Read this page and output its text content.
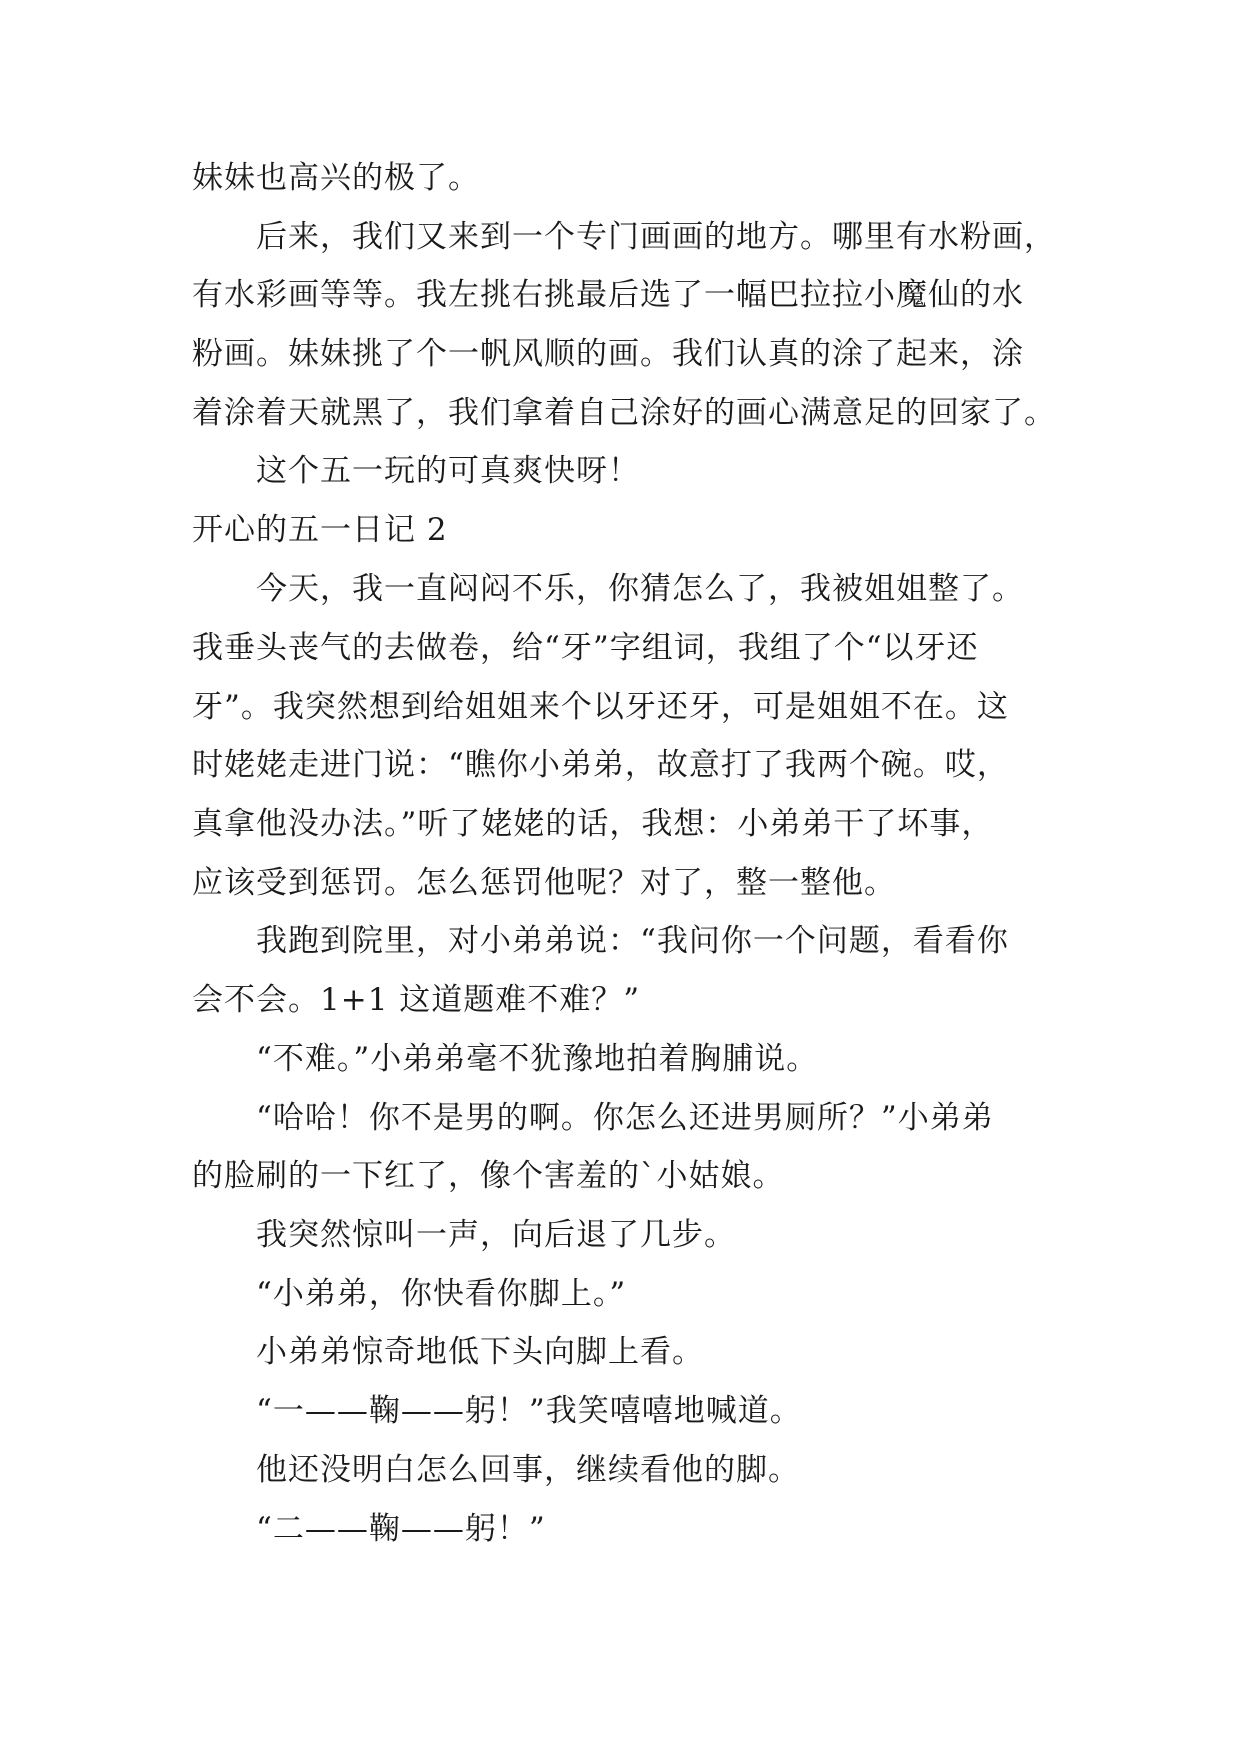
妹妹也高兴的极了。
后来，我们又来到一个专门画画的地方。哪里有水粉画，
有水彩画等等。我左挑右挑最后选了一幅巴拉拉小魔仙的水
粉画。妹妹挑了个一帆风顺的画。我们认真的涂了起来，涂
着涂着天就黑了，我们拿着自己涂好的画心满意足的回家了。
这个五一玩的可真爽快呀！
开心的五一日记 2
今天，我一直闷闷不乐，你猜怎么了，我被姐姐整了。
我垂头丧气的去做卷，给“牙”字组词，我组了个“以牙还
牙”。我突然想到给姐姐来个以牙还牙，可是姐姐不在。这
时姥姥走进门说：“瞧你小弟弟，故意打了我两个碗。哎，
真拿他没办法。”听了姥姥的话，我想：小弟弟干了坏事，
应该受到惩罚。怎么惩罚他呢？对了，整一整他。
我跑到院里，对小弟弟说：“我问你一个问题，看看你
会不会。1+1 这道题难不难？”
“不难。”小弟弟毫不犹豫地拍着胸脯说。
“哈哈！你不是男的啊。你怎么还进男厕所？”小弟弟
的脸刷的一下红了，像个害羞的`小姑娘。
我突然惊叫一声，向后退了几步。
“小弟弟，你快看你脚上。”
小弟弟惊奇地低下头向脚上看。
“一——鞠——躬！”我笑嘻嘻地喊道。
他还没明白怎么回事，继续看他的脚。
“二——鞠——躬！”
